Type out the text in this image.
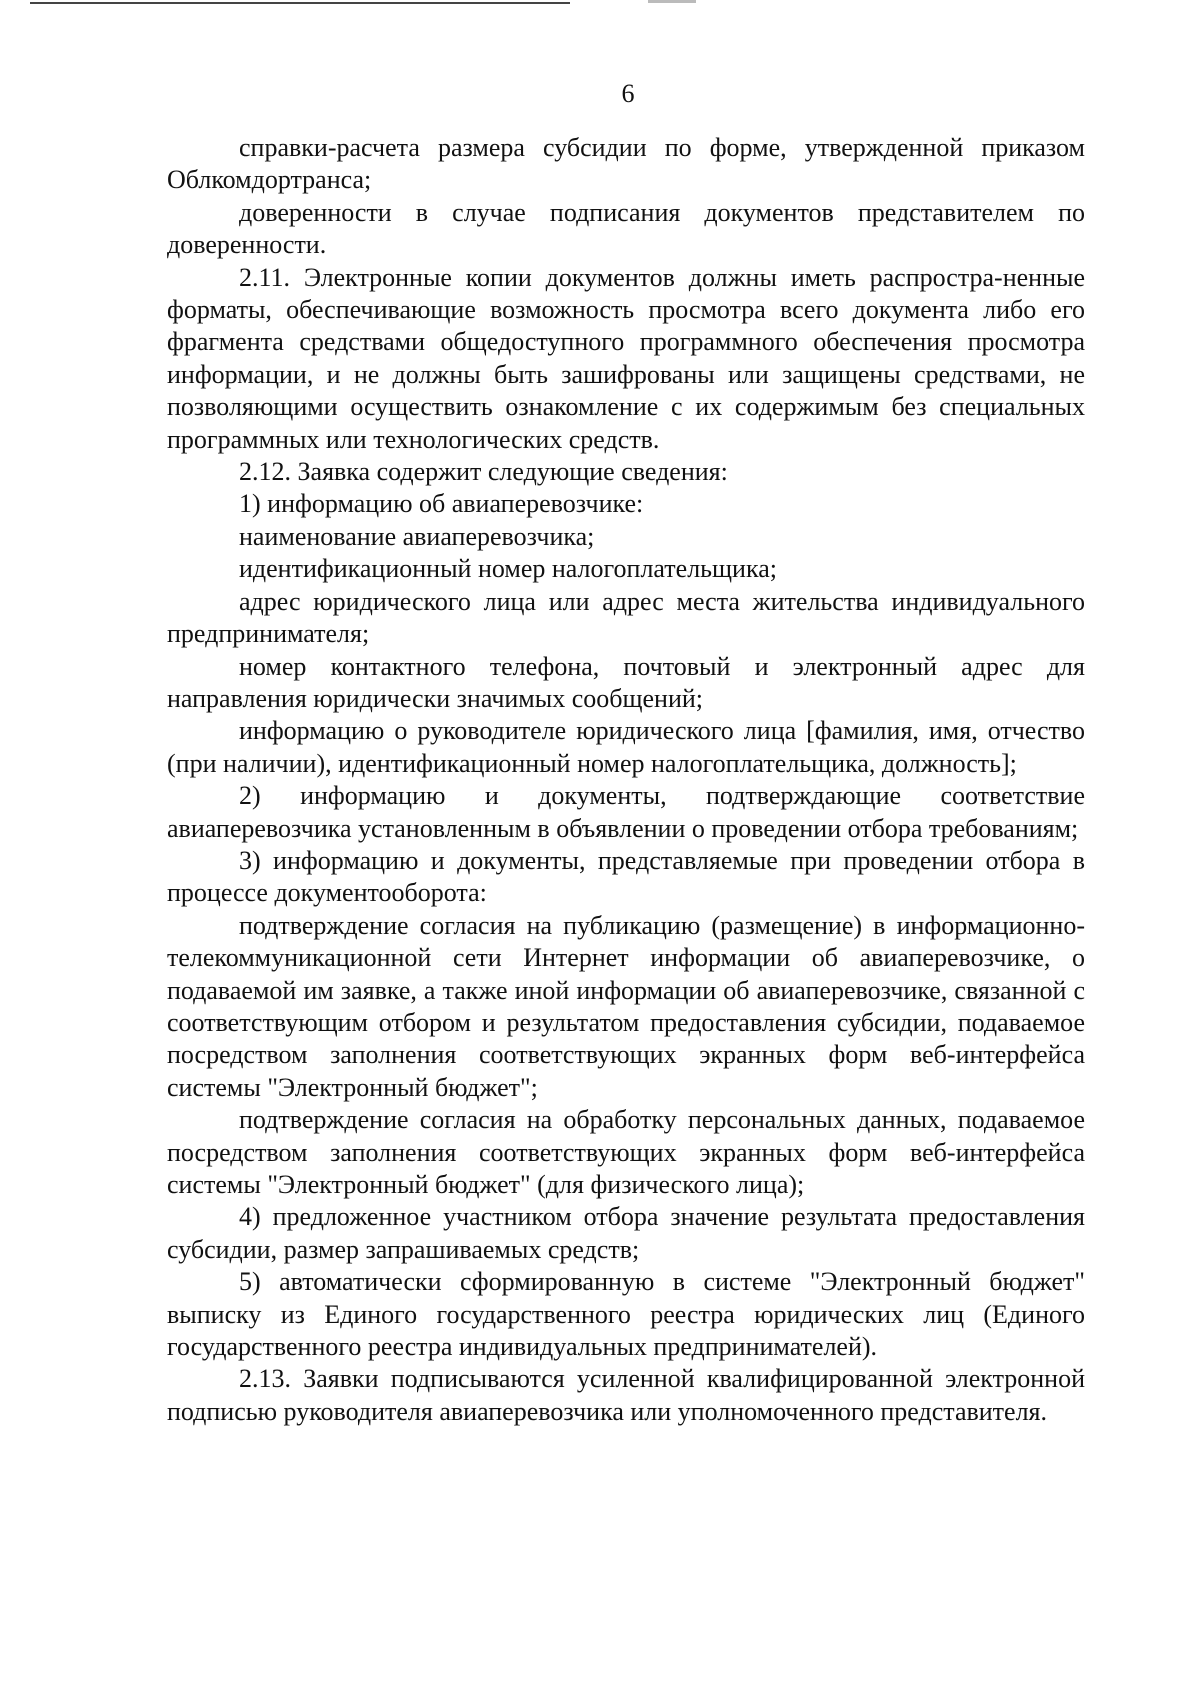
6

справки-расчета размера субсидии по форме, утвержденной приказом Облкомдортранса;

доверенности в случае подписания документов представителем по доверенности.

2.11. Электронные копии документов должны иметь распростра-ненные форматы, обеспечивающие возможность просмотра всего документа либо его фрагмента средствами общедоступного программного обеспечения просмотра информации, и не должны быть зашифрованы или защищены средствами, не позволяющими осуществить ознакомление с их содержимым без специальных программных или технологических средств.

2.12. Заявка содержит следующие сведения:

1) информацию об авиаперевозчике:

наименование авиаперевозчика;

идентификационный номер налогоплательщика;

адрес юридического лица или адрес места жительства индивидуального предпринимателя;

номер контактного телефона, почтовый и электронный адрес для направления юридически значимых сообщений;

информацию о руководителе юридического лица [фамилия, имя, отчество (при наличии), идентификационный номер налогоплательщика, должность];

2) информацию и документы, подтверждающие соответствие авиаперевозчика установленным в объявлении о проведении отбора требованиям;

3) информацию и документы, представляемые при проведении отбора в процессе документооборота:

подтверждение согласия на публикацию (размещение) в информационно-телекоммуникационной сети Интернет информации об авиаперевозчике, о подаваемой им заявке, а также иной информации об авиаперевозчике, связанной с соответствующим отбором и результатом предоставления субсидии, подаваемое посредством заполнения соответствующих экранных форм веб-интерфейса системы "Электронный бюджет";

подтверждение согласия на обработку персональных данных, подаваемое посредством заполнения соответствующих экранных форм веб-интерфейса системы "Электронный бюджет" (для физического лица);

4) предложенное участником отбора значение результата предоставления субсидии, размер запрашиваемых средств;

5) автоматически сформированную в системе "Электронный бюджет" выписку из Единого государственного реестра юридических лиц (Единого государственного реестра индивидуальных предпринимателей).

2.13. Заявки подписываются усиленной квалифицированной электронной подписью руководителя авиаперевозчика или уполномоченного представителя.
